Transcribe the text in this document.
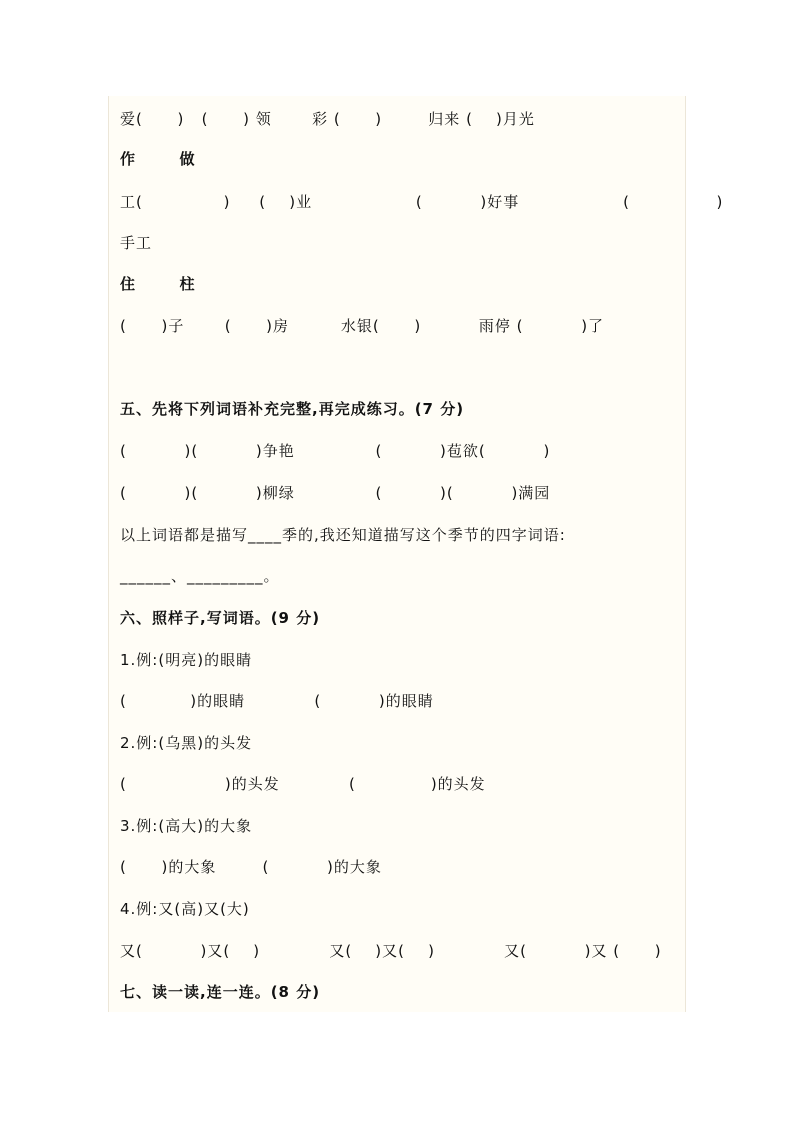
爱(      )   (      ) 领       彩 (      )        归来 (    )月光
作       做
工(              )     (    )业                  (          )好事                  (               )
手工
住       柱
(      )子       (      )房         水银(      )          雨停 (          )了
五、先将下列词语补充完整,再完成练习。(7 分)
(          )(          )争艳              (          )苞欲(          )
(          )(          )柳绿              (          )(          )满园
以上词语都是描写____季的,我还知道描写这个季节的四字词语:
______、_________。
六、照样子,写词语。(9 分)
1.例:(明亮)的眼睛
(           )的眼睛            (          )的眼睛
2.例:(乌黑)的头发
(                 )的头发            (             )的头发
3.例:(高大)的大象
(      )的大象        (          )的大象
4.例:又(高)又(大)
又(          )又(    )            又(    )又(    )            又(          )又 (      )
七、读一读,连一连。(8 分)
